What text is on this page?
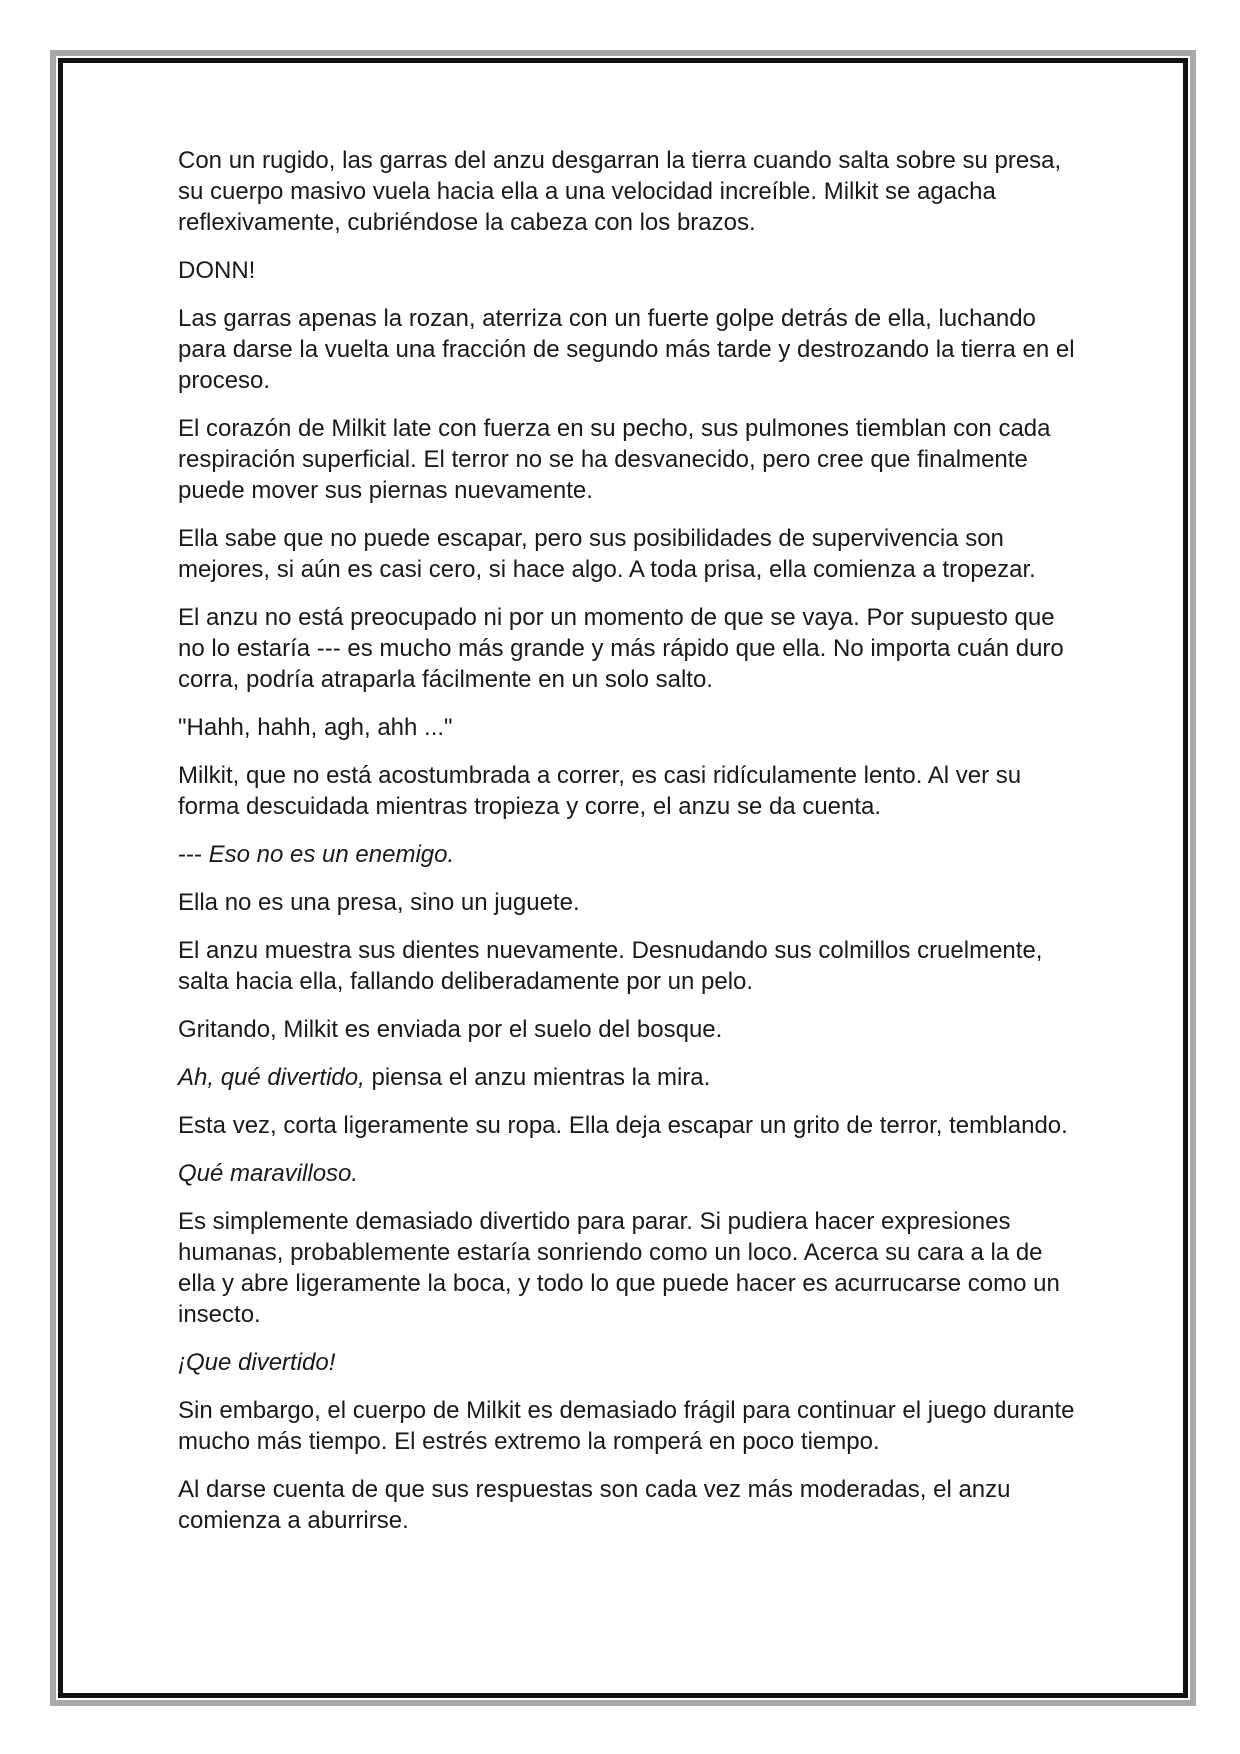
Con un rugido, las garras del anzu desgarran la tierra cuando salta sobre su presa, su cuerpo masivo vuela hacia ella a una velocidad increíble. Milkit se agacha reflexivamente, cubriéndose la cabeza con los brazos.

DONN!

Las garras apenas la rozan, aterriza con un fuerte golpe detrás de ella, luchando para darse la vuelta una fracción de segundo más tarde y destrozando la tierra en el proceso.

El corazón de Milkit late con fuerza en su pecho, sus pulmones tiemblan con cada respiración superficial. El terror no se ha desvanecido, pero cree que finalmente puede mover sus piernas nuevamente.

Ella sabe que no puede escapar, pero sus posibilidades de supervivencia son mejores, si aún es casi cero, si hace algo. A toda prisa, ella comienza a tropezar.

El anzu no está preocupado ni por un momento de que se vaya. Por supuesto que no lo estaría --- es mucho más grande y más rápido que ella. No importa cuán duro corra, podría atraparla fácilmente en un solo salto.

"Hahh, hahh, agh, ahh ..."

Milkit, que no está acostumbrada a correr, es casi ridículamente lento. Al ver su forma descuidada mientras tropieza y corre, el anzu se da cuenta.

--- Eso no es un enemigo.

Ella no es una presa, sino un juguete.

El anzu muestra sus dientes nuevamente. Desnudando sus colmillos cruelmente, salta hacia ella, fallando deliberadamente por un pelo.

Gritando, Milkit es enviada por el suelo del bosque.

Ah, qué divertido, piensa el anzu mientras la mira.

Esta vez, corta ligeramente su ropa. Ella deja escapar un grito de terror, temblando.

Qué maravilloso.

Es simplemente demasiado divertido para parar. Si pudiera hacer expresiones humanas, probablemente estaría sonriendo como un loco. Acerca su cara a la de ella y abre ligeramente la boca, y todo lo que puede hacer es acurrucarse como un insecto.

¡Que divertido!

Sin embargo, el cuerpo de Milkit es demasiado frágil para continuar el juego durante mucho más tiempo. El estrés extremo la romperá en poco tiempo.

Al darse cuenta de que sus respuestas son cada vez más moderadas, el anzu comienza a aburrirse.
